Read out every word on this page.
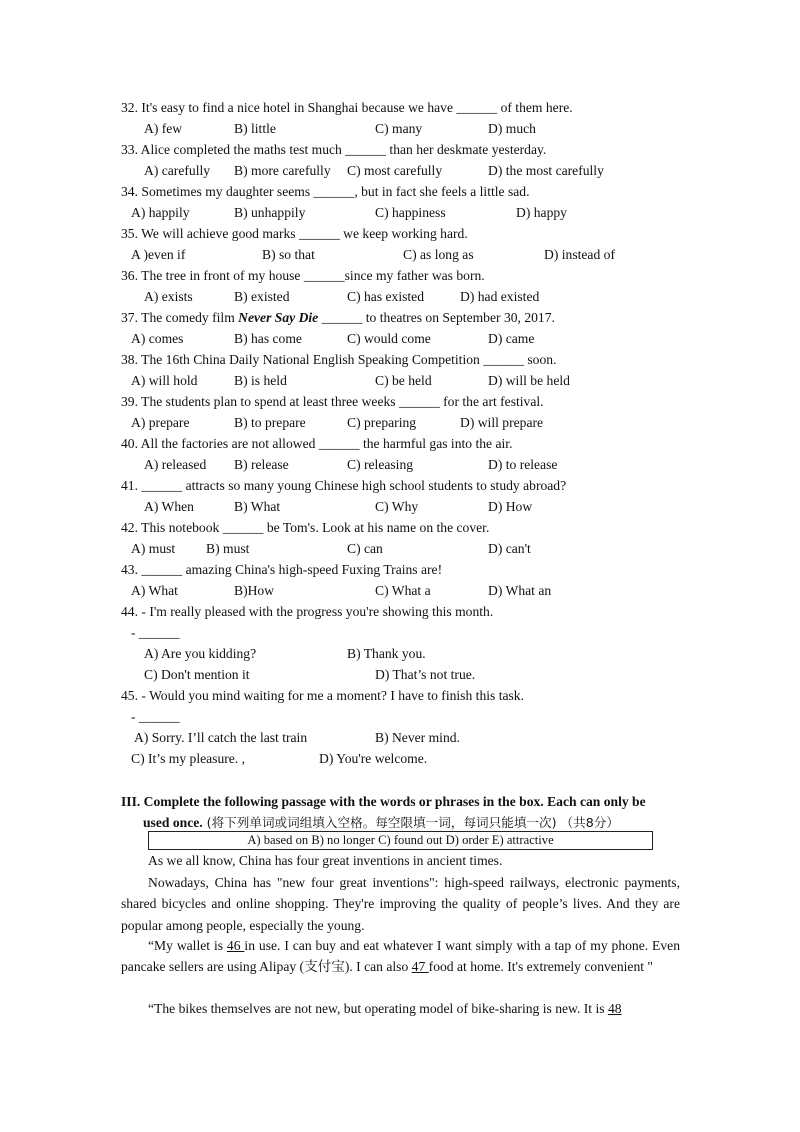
32. It's easy to find a nice hotel in Shanghai because we have ______ of them here.
A) few	B) little	C) many	D) much
33. Alice completed the maths test much ______ than her deskmate yesterday.
A) carefully B) more carefully C) most carefully	D) the most carefully
34. Sometimes my daughter seems ______, but in fact she feels a little sad.
A) happily	B) unhappily	C) happiness	D) happy
35. We will achieve good marks ______ we keep working hard.
A )even if	B) so that	C) as long as	D) instead of
36. The tree in front of my house ______since my father was born.
A) exists	B) existed	C) has existed	D) had existed
37. The comedy film Never Say Die ______ to theatres on September 30, 2017.
A) comes	B) has come	C) would come	D) came
38. The 16th China Daily National English Speaking Competition ______ soon.
A) will hold	B) is held	C) be held	D) will be held
39. The students plan to spend at least three weeks ______ for the art festival.
A) prepare	B) to prepare	C) preparing	D) will prepare
40. All the factories are not allowed ______ the harmful gas into the air.
A) released B) release	C) releasing	D) to release
41. ______ attracts so many young Chinese high school students to study abroad?
A) When	B) What	C) Why	D) How
42. This notebook ______ be Tom's. Look at his name on the cover.
A) must B) must	C) can	D) can't
43. ______ amazing China's high-speed Fuxing Trains are!
A) What	B)How	C) What a	D) What an
44. - I'm really pleased with the progress you're showing this month.
- ______
A) Are you kidding?	B) Thank you.
C) Don't mention it	D) That’s not true.
45. - Would you mind waiting for me a moment? I have to finish this task.
- ______
A) Sorry. I’ll catch the last train	B) Never mind.
C) It’s my pleasure. ,	D) You're welcome.
III. Complete the following passage with the words or phrases in the box. Each can only be
used once. (将下列单词或词组填入空格。每空限填一词，每词只能填一次) （共8分）
A) based on B) no longer C) found out D) order E) attractive
As we all know, China has four great inventions in ancient times.
Nowadays, China has "new four great inventions": high-speed railways, electronic payments, shared bicycles and online shopping. They're improving the quality of people’s lives. And they are popular among people, especially the young.
“My wallet is 46 in use. I can buy and eat whatever I want simply with a tap of my phone. Even pancake sellers are using Alipay (支付宝). I can also 47 food at home. It's extremely convenient "
“The bikes themselves are not new, but operating model of bike-sharing is new. It is 48
